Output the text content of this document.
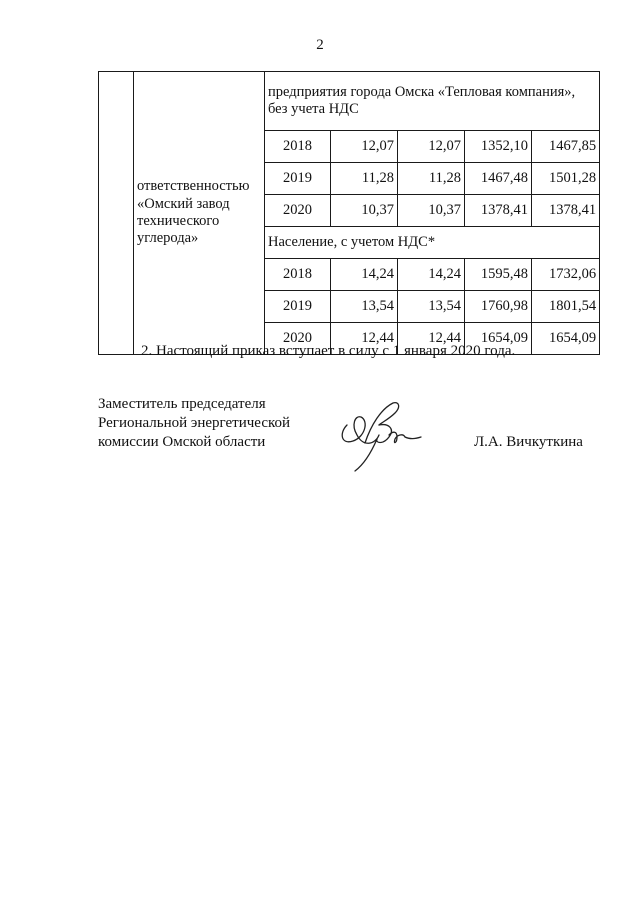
2
	ответственностью «Омский завод технического углерода»	предприятия города Омска «Тепловая компания», без учета НДС				
		2018	12,07	12,07	1352,10	1467,85
		2019	11,28	11,28	1467,48	1501,28
		2020	10,37	10,37	1378,41	1378,41
		Население, с учетом НДС*				
		2018	14,24	14,24	1595,48	1732,06
		2019	13,54	13,54	1760,98	1801,54
		2020	12,44	12,44	1654,09	1654,09
2. Настоящий приказ вступает в силу с 1 января 2020 года.
Заместитель председателя
Региональной энергетической
комиссии Омской области	Л.А. Вичкуткина
